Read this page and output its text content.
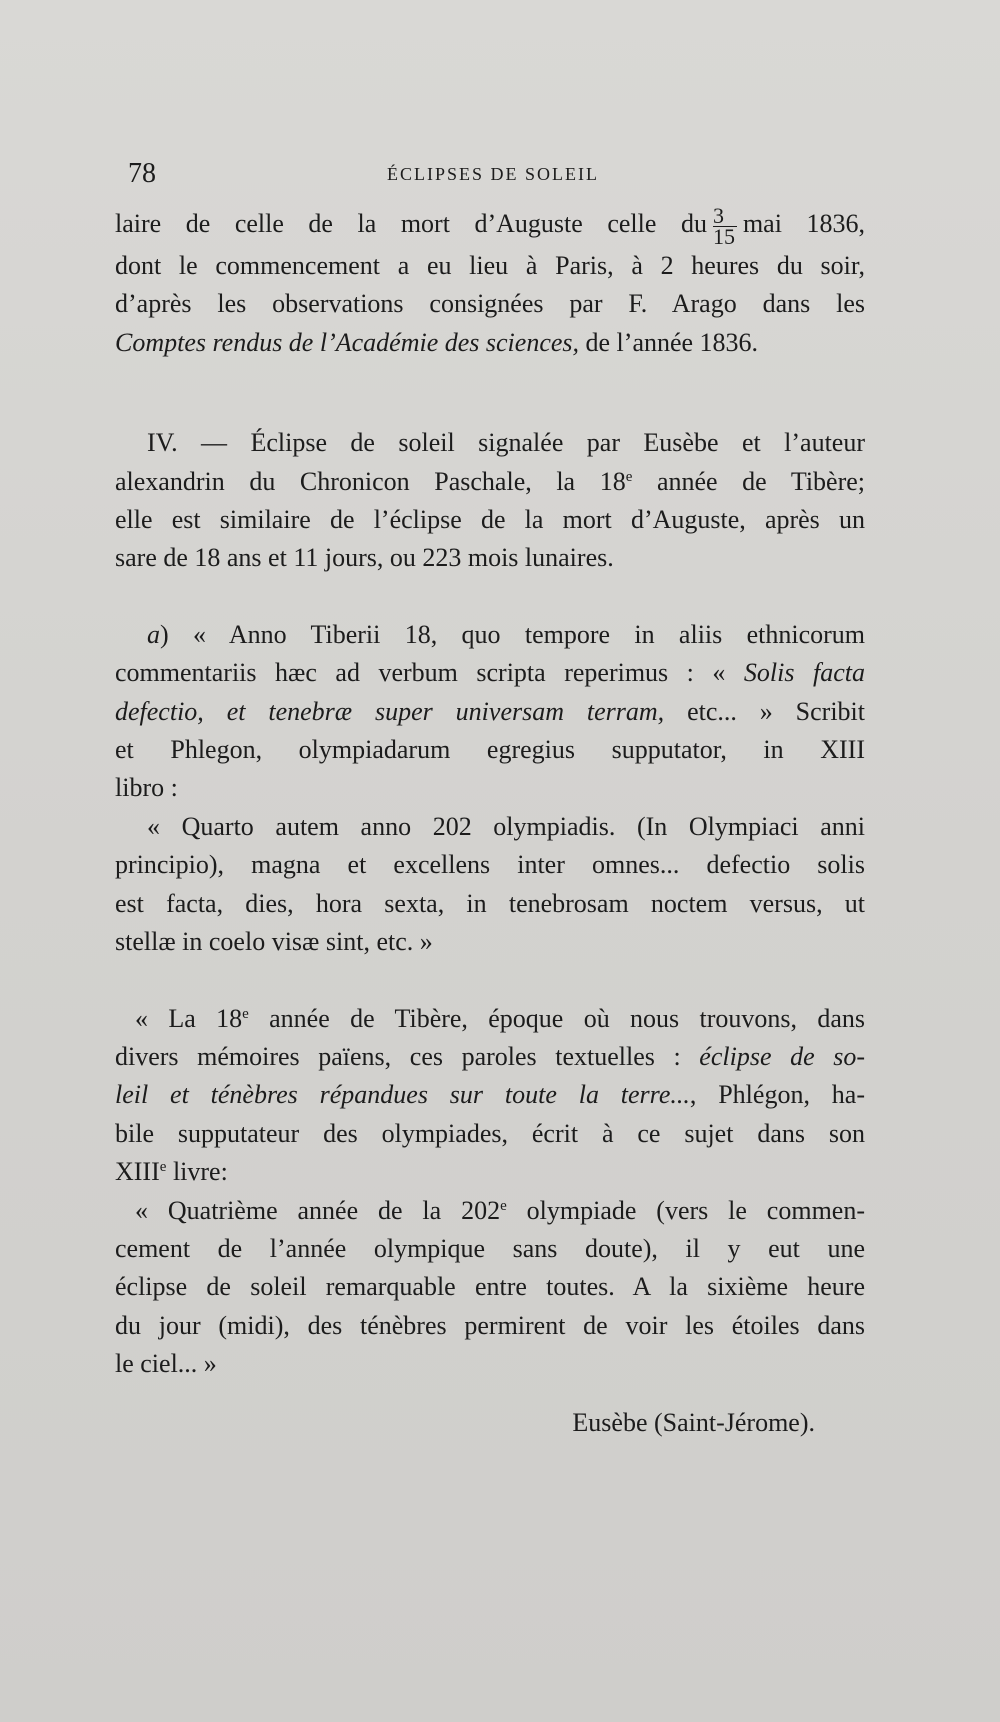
78	ÉCLIPSES DE SOLEIL
laire de celle de la mort d’Auguste celle du $\frac{3}{15}$ mai 1836,
dont le commencement a eu lieu à Paris, à 2 heures du soir,
d’après les observations consignées par F. Arago dans les
Comptes rendus de l’Académie des sciences, de l’année 1836.
IV. — Éclipse de soleil signalée par Eusèbe et l’auteur
alexandrin du Chronicon Paschale, la 18e année de Tibère;
elle est similaire de l’éclipse de la mort d’Auguste, après un
sare de 18 ans et 11 jours, ou 223 mois lunaires.
a) « Anno Tiberii 18, quo tempore in aliis ethnicorum
commentariis hæc ad verbum scripta reperimus : « Solis facta
defectio, et tenebræ super universam terram, etc... » Scribit
et Phlegon, olympiadarum egregius supputator, in XIII
libro :
« Quarto autem anno 202 olympiadis. (In Olympiaci anni
principio), magna et excellens inter omnes... defectio solis
est facta, dies, hora sexta, in tenebrosam noctem versus, ut
stellæ in coelo visæ sint, etc. »
« La 18e année de Tibère, époque où nous trouvons, dans
divers mémoires païens, ces paroles textuelles : éclipse de so-
leil et ténèbres répandues sur toute la terre..., Phlégon, ha-
bile supputateur des olympiades, écrit à ce sujet dans son
XIIIe livre:
« Quatrième année de la 202e olympiade (vers le commen-
cement de l’année olympique sans doute), il y eut une
éclipse de soleil remarquable entre toutes. A la sixième heure
du jour (midi), des ténèbres permirent de voir les étoiles dans
le ciel... »
Eusèbe (Saint-Jérome).
